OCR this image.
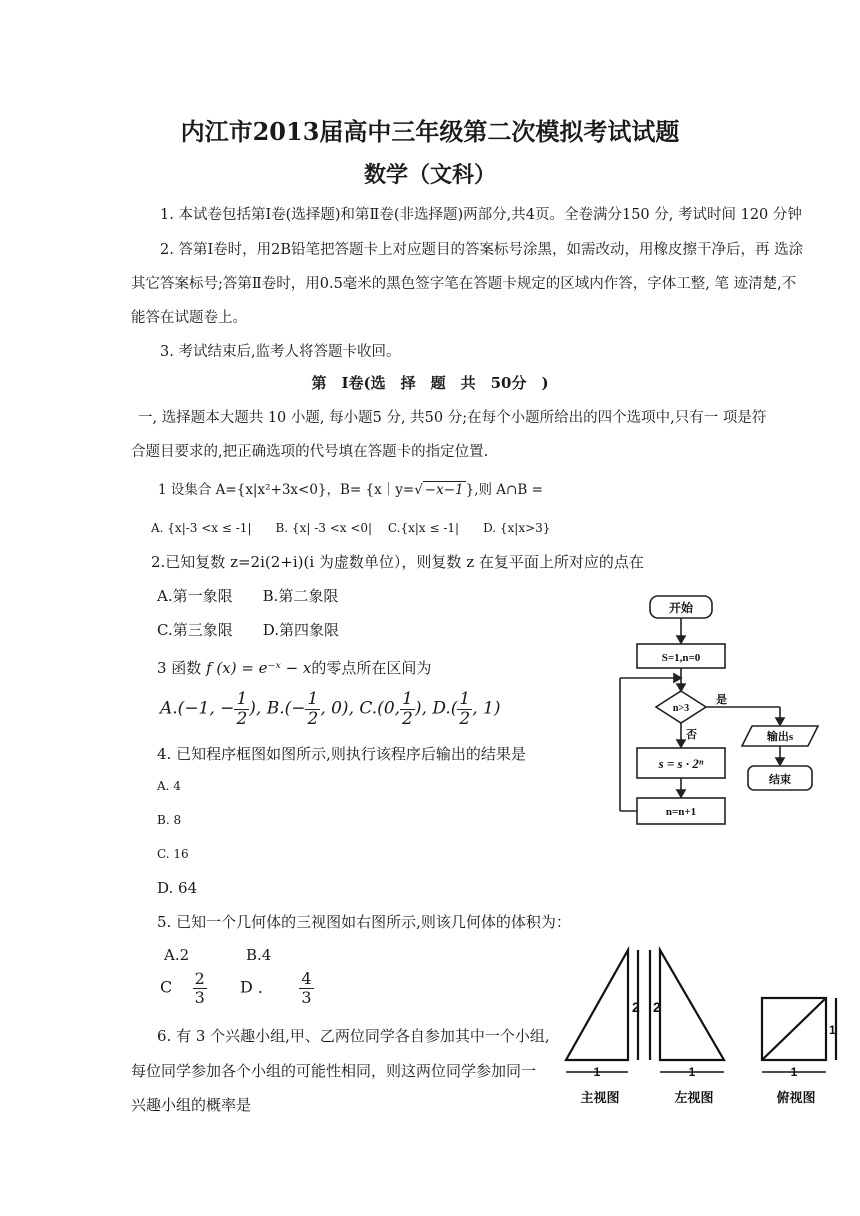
内江市2013届高中三年级第二次模拟考试试题
数学（文科）
1. 本试卷包括第Ⅰ卷(选择题)和第Ⅱ卷(非选择题)两部分,共4页。全卷满分150 分, 考试时间 120 分钟
2. 答第Ⅰ卷时，用2B铅笔把答题卡上对应题目的答案标号涂黑，如需改动，用橡皮擦干净后，再 选涂
其它答案标号;答第Ⅱ卷时，用0.5毫米的黑色签字笔在答题卡规定的区域内作答，字体工整, 笔 迹清楚,不
能答在试题卷上。
3. 考试结束后,监考人将答题卡收回。
第　Ⅰ卷(选　择　题　共　50分　)
一, 选择题本大题共 10 小题, 每小题5 分, 共50 分;在每个小题所给出的四个选项中,只有一 项是符
合题目要求的,把正确选项的代号填在答题卡的指定位置.
1 设集合 A={x|x²+3x<0}，B= {x｜y=√ −x−1 },则 A∩B =
A. {x|-3 <x ≤ -1|　　B. {x| -3 <x <0|　 C.{x|x ≤ -1|　　D. {x|x>3}
2.已知复数 z=2i(2+i)(i 为虚数单位），则复数 z 在复平面上所对应的点在
A.第一象限　　B.第二象限
C.第三象限　　D.第四象限
3 函数 f (x) = e⁻ˣ − x的零点所在区间为
A.(−1, − $\frac{1}{2}$ ), $B.(- \frac{1}{2}$ , 0), C.(0, $\frac{1}{2}$ ), $D.( \frac{1}{2}$ , 1)
4. 已知程序框图如图所示,则执行该程序后输出的结果是
A. 4
B. 8
C. 16
D. 64
开始
S=1,n=0
n>3
是
否	输出s
结束
s = s · 2ⁿ
n=n+1
5. 已知一个几何体的三视图如右图所示,则该几何体的体积为：
A.2	B.4
C $\frac{2}{3}$ D ． $\frac{4}{3}$
2 2
1
1	1	1
主视图	左视图	俯视图
6. 有 3 个兴趣小组,甲、乙两位同学各自参加其中一个小组,
每位同学参加各个小组的可能性相同，则这两位同学参加同一
兴趣小组的概率是
